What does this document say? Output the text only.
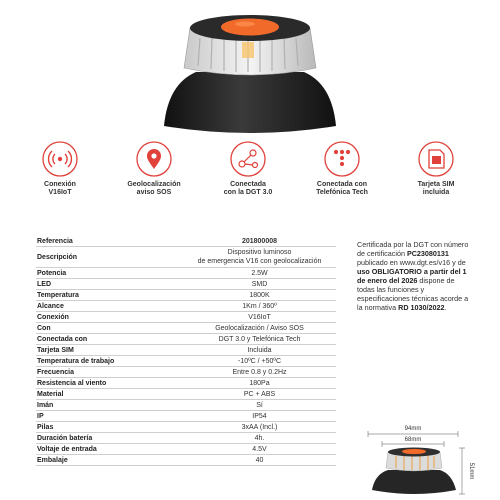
Conexión
V16IoT
Geolocalización
aviso SOS
Conectada
con la DGT 3.0
Conectada con
Telefónica Tech
Tarjeta SIM
incluida
Referencia	201800008
Descripción	Dispositivo luminoso
de emergencia V16 con geolocalización
Potencia	2.5W
LED	SMD
Temperatura	1800K
Alcance	1Km / 360º
Conexión	V16IoT
Con	Geolocalización / Aviso SOS
Conectada con	DGT 3.0 y Telefónica Tech
Tarjeta SIM	Incluida
Temperatura de trabajo	-10ºC / +50ºC
Frecuencia	Entre 0.8 y 0.2Hz
Resistencia al viento	180Pa
Material	PC + ABS
Imán	Sí
IP	IP54
Pilas	3xAA (Incl.)
Duración batería	4h.
Voltaje de entrada	4.5V
Embalaje	40
Certificada por la DGT con número de certificación PC23080131 publicado en www.dgt.es/v16 y de uso OBLIGATORIO a partir del 1 de enero del 2026 dispone de todas las funciones y especificaciones técnicas acorde a la normativa RD 1030/2022.
94mm
68mm
51mm
